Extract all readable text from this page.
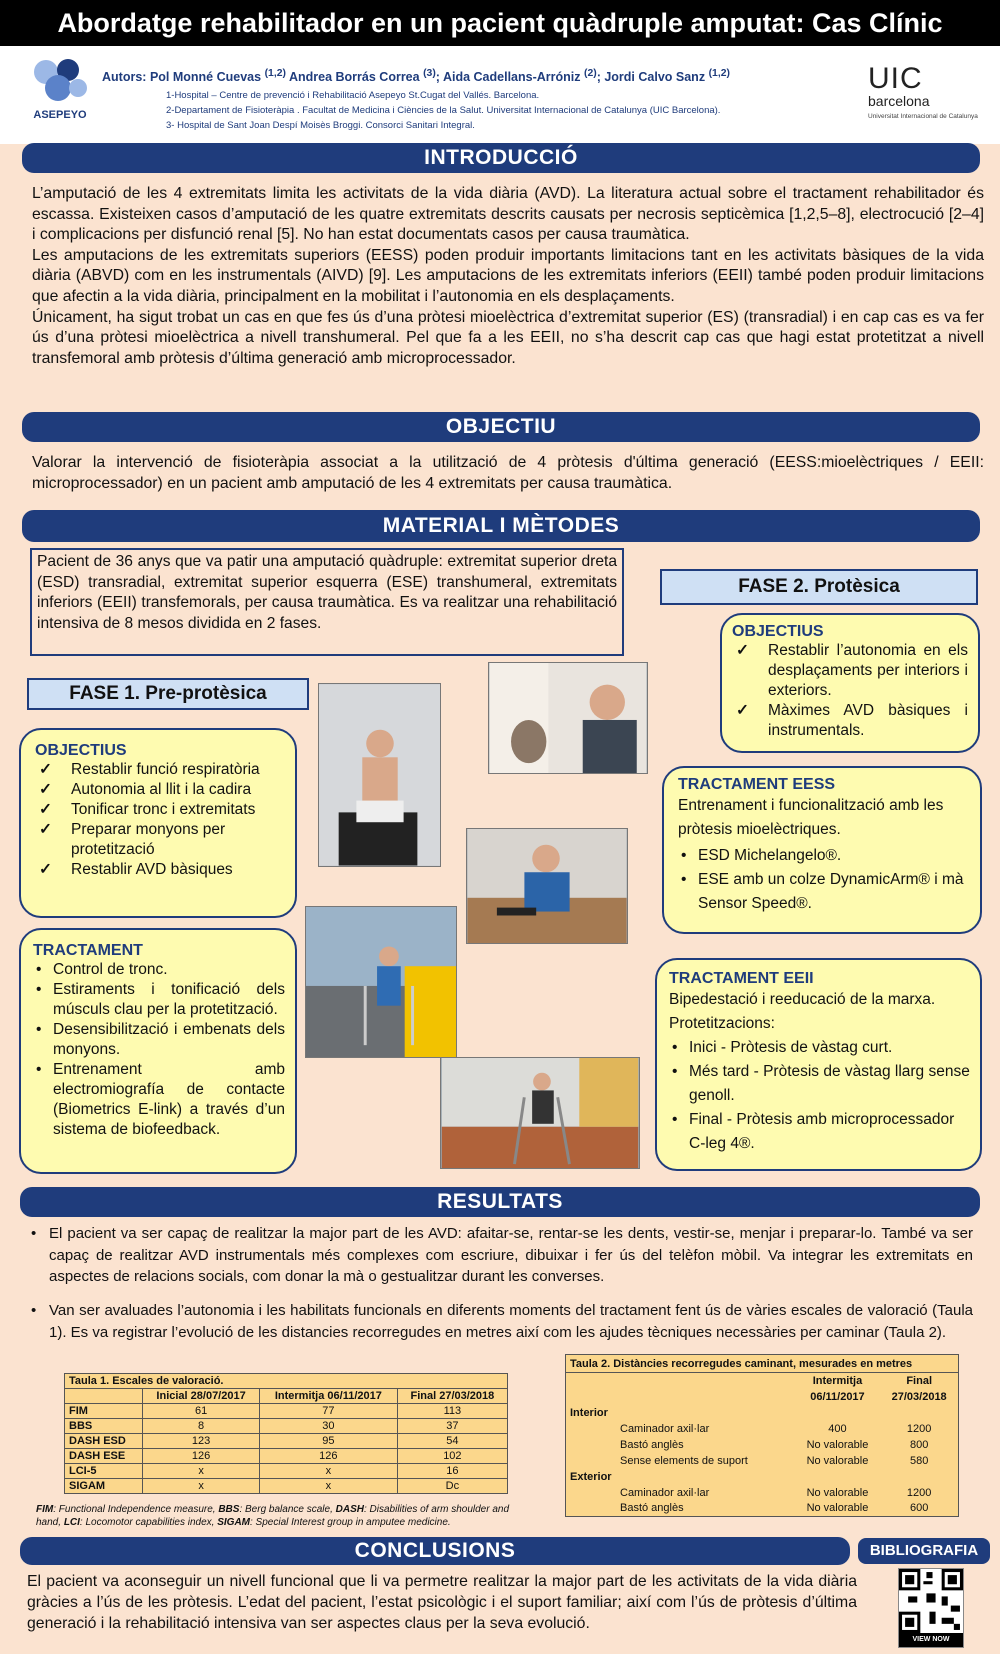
Abordatge rehabilitador en un pacient quàdruple amputat: Cas Clínic
ASEPEYO
UIC
barcelona
Universitat Internacional de Catalunya
Autors: Pol Monné Cuevas $^{(1,2)}$ Andrea Borrás Correa $^{(3)}$; Aida Cadellans-Arróniz $^{(2)}$; Jordi Calvo Sanz $^{(1,2)}$
1-Hospital – Centre de prevenció i Rehabilitació Asepeyo St.Cugat del Vallés. Barcelona.
2-Departament de Fisioteràpia . Facultat de Medicina i Ciències de la Salut. Universitat Internacional de Catalunya (UIC Barcelona).
3- Hospital de Sant Joan Despí Moisès Broggi. Consorci Sanitari Integral.
INTRODUCCIÓ
L’amputació de les 4 extremitats limita les activitats de la vida diària (AVD). La literatura actual sobre el tractament rehabilitador és escassa. Existeixen casos d’amputació de les quatre extremitats descrits causats per necrosis septicèmica [1,2,5–8], electrocució [2–4] i complicacions per disfunció renal [5]. No han estat documentats casos per causa traumàtica.
Les amputacions de les extremitats superiors (EESS) poden produir importants limitacions tant en les activitats bàsiques de la vida diària (ABVD) com en les instrumentals (AIVD) [9]. Les amputacions de les extremitats inferiors (EEII) també poden produir limitacions que afectin a la vida diària, principalment en la mobilitat i l’autonomia en els desplaçaments.
Únicament, ha sigut trobat un cas en que fes ús d’una pròtesi mioelèctrica d’extremitat superior (ES) (transradial) i en cap cas es va fer ús d’una pròtesi mioelèctrica a nivell transhumeral. Pel que fa a les EEII, no s’ha descrit cap cas que hagi estat protetitzat a nivell transfemoral amb pròtesis d’última generació amb microprocessador.
OBJECTIU
Valorar la intervenció de fisioteràpia associat a la utilització de 4 pròtesis d'última generació (EESS:mioelèctriques / EEII: microprocessador) en un pacient amb amputació de les 4 extremitats per causa traumàtica.
MATERIAL I MÈTODES
Pacient de 36 anys que va patir una amputació quàdruple: extremitat superior dreta (ESD) transradial, extremitat superior esquerra (ESE) transhumeral, extremitats inferiors (EEII) transfemorals, per causa traumàtica. Es va realitzar una rehabilitació intensiva de 8 mesos dividida en 2 fases.
FASE 2. Protèsica
FASE 1. Pre-protèsica
OBJECTIUS
✓ Restablir funció respiratòria
✓ Autonomia al llit i la cadira
✓ Tonificar tronc i extremitats
✓ Preparar monyons per protetització
✓ Restablir AVD bàsiques
TRACTAMENT
• Control de tronc.
• Estiraments i tonificació dels músculs clau per la protetització.
• Desensibilització i embenats dels monyons.
• Entrenament amb electromiografía de contacte (Biometrics E-link) a través d’un sistema de biofeedback.
OBJECTIUS
✓ Restablir l’autonomia en els desplaçaments per interiors i exteriors.
✓ Màximes AVD bàsiques i instrumentals.
TRACTAMENT EESS
Entrenament i funcionalització amb les pròtesis mioelèctriques.
• ESD Michelangelo®.
• ESE amb un colze DynamicArm® i mà Sensor Speed®.
TRACTAMENT EEII
Bipedestació i reeducació de la marxa.
Protetitzacions:
• Inici - Pròtesis de vàstag curt.
• Més tard - Pròtesis de vàstag llarg sense genoll.
• Final - Pròtesis amb microprocessador C-leg 4®.
RESULTATS
• El pacient va ser capaç de realitzar la major part de les AVD: afaitar-se, rentar-se les dents, vestir-se, menjar i preparar-lo. També va ser capaç de realitzar AVD instrumentals més complexes com escriure, dibuixar i fer ús del telèfon mòbil. Va integrar les extremitats en aspectes de relacions socials, com donar la mà o gestualitzar durant les converses.
• Van ser avaluades l’autonomia i les habilitats funcionals en diferents moments del tractament fent ús de vàries escales de valoració (Taula 1). Es va registrar l’evolució de les distancies recorregudes en metres així com les ajudes tècniques necessàries per caminar (Taula 2).
Taula 1. Escales de valoració.			
	Inicial 28/07/2017	Intermitja 06/11/2017	Final 27/03/2018
FIM	61	77	113
BBS	8	30	37
DASH ESD	123	95	54
DASH ESE	126	126	102
LCI-5	x	x	16
SIGAM	x	x	Dc
FIM: Functional Independence measure, BBS: Berg balance scale, DASH: Disabilities of arm shoulder and hand, LCI: Locomotor capabilities index, SIGAM: Special Interest group in amputee medicine.
Taula 2. Distàncies recorregudes caminant, mesurades en metres		
	Intermitja	Final
	06/11/2017	27/03/2018
Interior		
Caminador axil·lar	400	1200
Bastó anglès	No valorable	800
Sense elements de suport	No valorable	580
Exterior		
Caminador axil·lar	No valorable	1200
Bastó anglès	No valorable	600
CONCLUSIONS
El pacient va aconseguir un nivell funcional que li va permetre realitzar la major part de les activitats de la vida diària gràcies a l’ús de les pròtesis. L’edat del pacient, l’estat psicològic i el suport familiar; així com l’ús de pròtesis d’última generació i la rehabilitació intensiva van ser aspectes claus per la seva evolució.
BIBLIOGRAFIA
VIEW NOW
